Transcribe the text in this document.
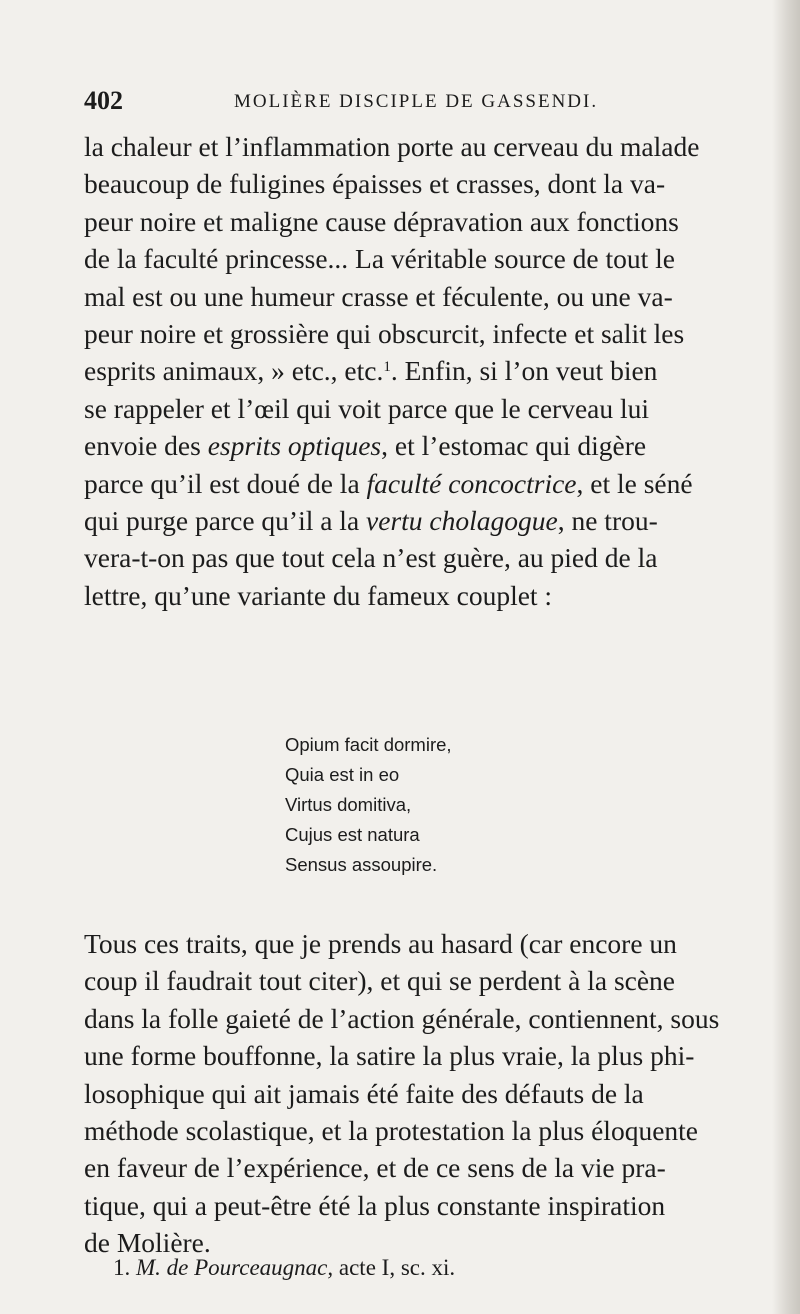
402	MOLIÈRE DISCIPLE DE GASSENDI.
la chaleur et l’inflammation porte au cerveau du malade
beaucoup de fuligines épaisses et crasses, dont la va-
peur noire et maligne cause dépravation aux fonctions
de la faculté princesse... La véritable source de tout le
mal est ou une humeur crasse et féculente, ou une va-
peur noire et grossière qui obscurcit, infecte et salit les
esprits animaux, » etc., etc.$^1$. Enfin, si l’on veut bien
se rappeler et l’œil qui voit parce que le cerveau lui
envoie des esprits optiques, et l’estomac qui digère
parce qu’il est doué de la faculté concoctrice, et le séné
qui purge parce qu’il a la vertu cholagogue, ne trou-
vera-t-on pas que tout cela n’est guère, au pied de la
lettre, qu’une variante du fameux couplet :
Opium facit dormire,
Quia est in eo
Virtus domitiva,
Cujus est natura
Sensus assoupire.
Tous ces traits, que je prends au hasard (car encore un
coup il faudrait tout citer), et qui se perdent à la scène
dans la folle gaieté de l’action générale, contiennent, sous
une forme bouffonne, la satire la plus vraie, la plus phi-
losophique qui ait jamais été faite des défauts de la
méthode scolastique, et la protestation la plus éloquente
en faveur de l’expérience, et de ce sens de la vie pra-
tique, qui a peut-être été la plus constante inspiration
de Molière.
1. M. de Pourceaugnac, acte I, sc. xi.
